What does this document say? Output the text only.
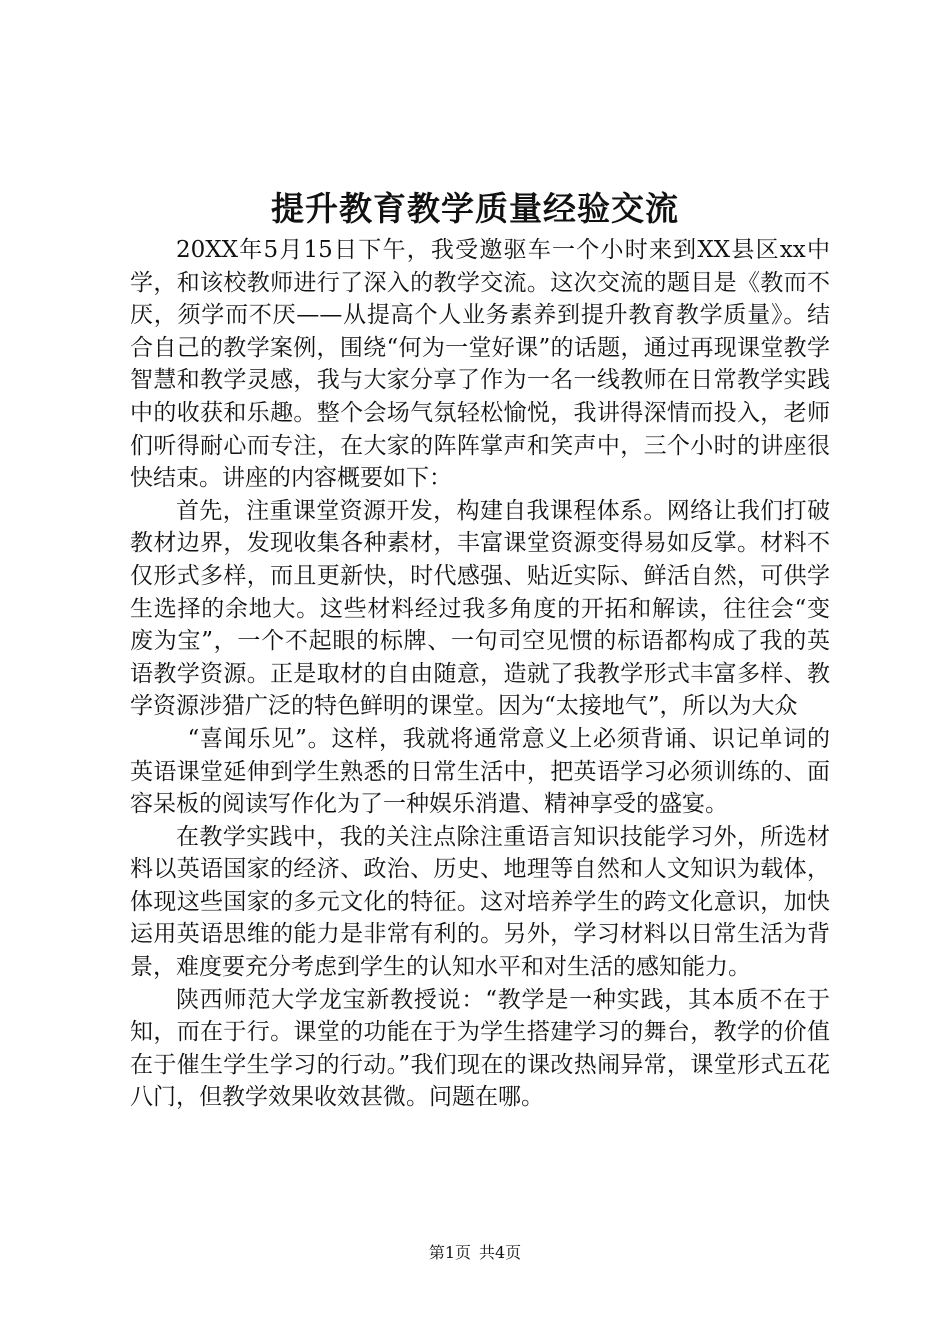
提升教育教学质量经验交流

20XX年5月15日下午，我受邀驱车一个小时来到XX县区xx中学，和该校教师进行了深入的教学交流。这次交流的题目是《教而不厌，须学而不厌——从提高个人业务素养到提升教育教学质量》。结合自己的教学案例，围绕“何为一堂好课”的话题，通过再现课堂教学智慧和教学灵感，我与大家分享了作为一名一线教师在日常教学实践中的收获和乐趣。整个会场气氛轻松愉悦，我讲得深情而投入，老师们听得耐心而专注，在大家的阵阵掌声和笑声中，三个小时的讲座很快结束。讲座的内容概要如下：

首先，注重课堂资源开发，构建自我课程体系。网络让我们打破教材边界，发现收集各种素材，丰富课堂资源变得易如反掌。材料不仅形式多样，而且更新快，时代感强、贴近实际、鲜活自然，可供学生选择的余地大。这些材料经过我多角度的开拓和解读，往往会“变废为宝”，一个不起眼的标牌、一句司空见惯的标语都构成了我的英语教学资源。正是取材的自由随意，造就了我教学形式丰富多样、教学资源涉猎广泛的特色鲜明的课堂。因为“太接地气”，所以为大众

“喜闻乐见”。这样，我就将通常意义上必须背诵、识记单词的英语课堂延伸到学生熟悉的日常生活中，把英语学习必须训练的、面容呆板的阅读写作化为了一种娱乐消遣、精神享受的盛宴。

在教学实践中，我的关注点除注重语言知识技能学习外，所选材料以英语国家的经济、政治、历史、地理等自然和人文知识为载体，体现这些国家的多元文化的特征。这对培养学生的跨文化意识，加快运用英语思维的能力是非常有利的。另外，学习材料以日常生活为背景，难度要充分考虑到学生的认知水平和对生活的感知能力。

陕西师范大学龙宝新教授说：“教学是一种实践，其本质不在于知，而在于行。课堂的功能在于为学生搭建学习的舞台，教学的价值在于催生学生学习的行动。”我们现在的课改热闹异常，课堂形式五花八门，但教学效果收效甚微。问题在哪。

第1页 共4页
